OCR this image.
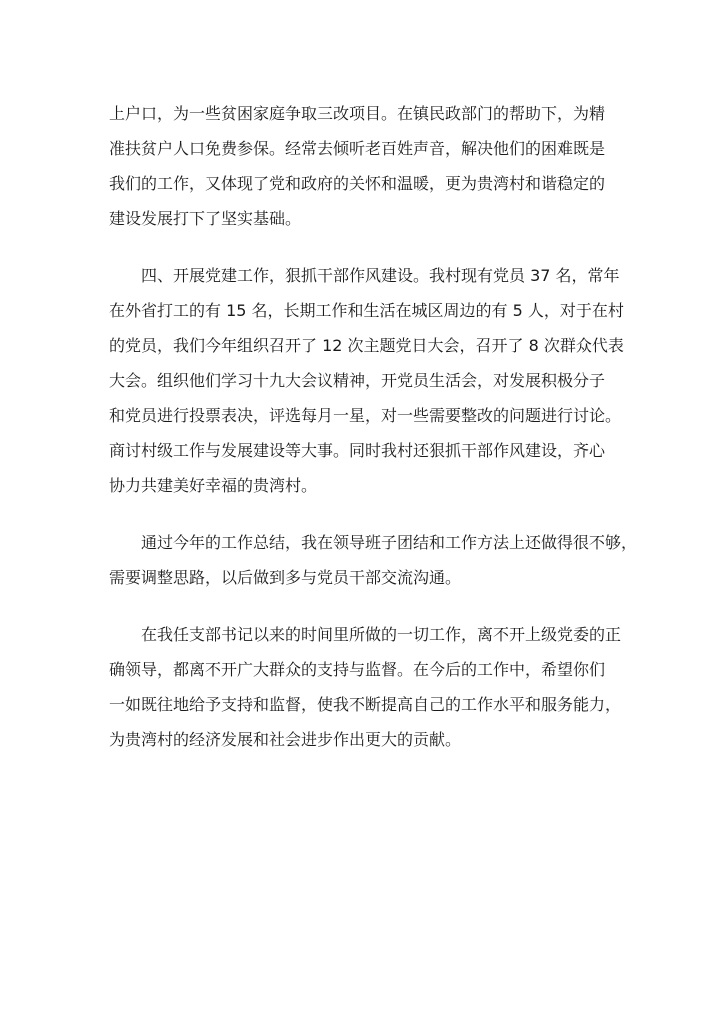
上户口，为一些贫困家庭争取三改项目。在镇民政部门的帮助下，为精
准扶贫户人口免费参保。经常去倾听老百姓声音，解决他们的困难既是
我们的工作，又体现了党和政府的关怀和温暖，更为贵湾村和谐稳定的
建设发展打下了坚实基础。
四、开展党建工作，狠抓干部作风建设。我村现有党员 37 名，常年
在外省打工的有 15 名，长期工作和生活在城区周边的有 5 人，对于在村
的党员，我们今年组织召开了 12 次主题党日大会，召开了 8 次群众代表
大会。组织他们学习十九大会议精神，开党员生活会，对发展积极分子
和党员进行投票表决，评选每月一星，对一些需要整改的问题进行讨论。
商讨村级工作与发展建设等大事。同时我村还狠抓干部作风建设，齐心
协力共建美好幸福的贵湾村。
通过今年的工作总结，我在领导班子团结和工作方法上还做得很不够，
需要调整思路，以后做到多与党员干部交流沟通。
在我任支部书记以来的时间里所做的一切工作，离不开上级党委的正
确领导，都离不开广大群众的支持与监督。在今后的工作中，希望你们
一如既往地给予支持和监督，使我不断提高自己的工作水平和服务能力，
为贵湾村的经济发展和社会进步作出更大的贡献。
